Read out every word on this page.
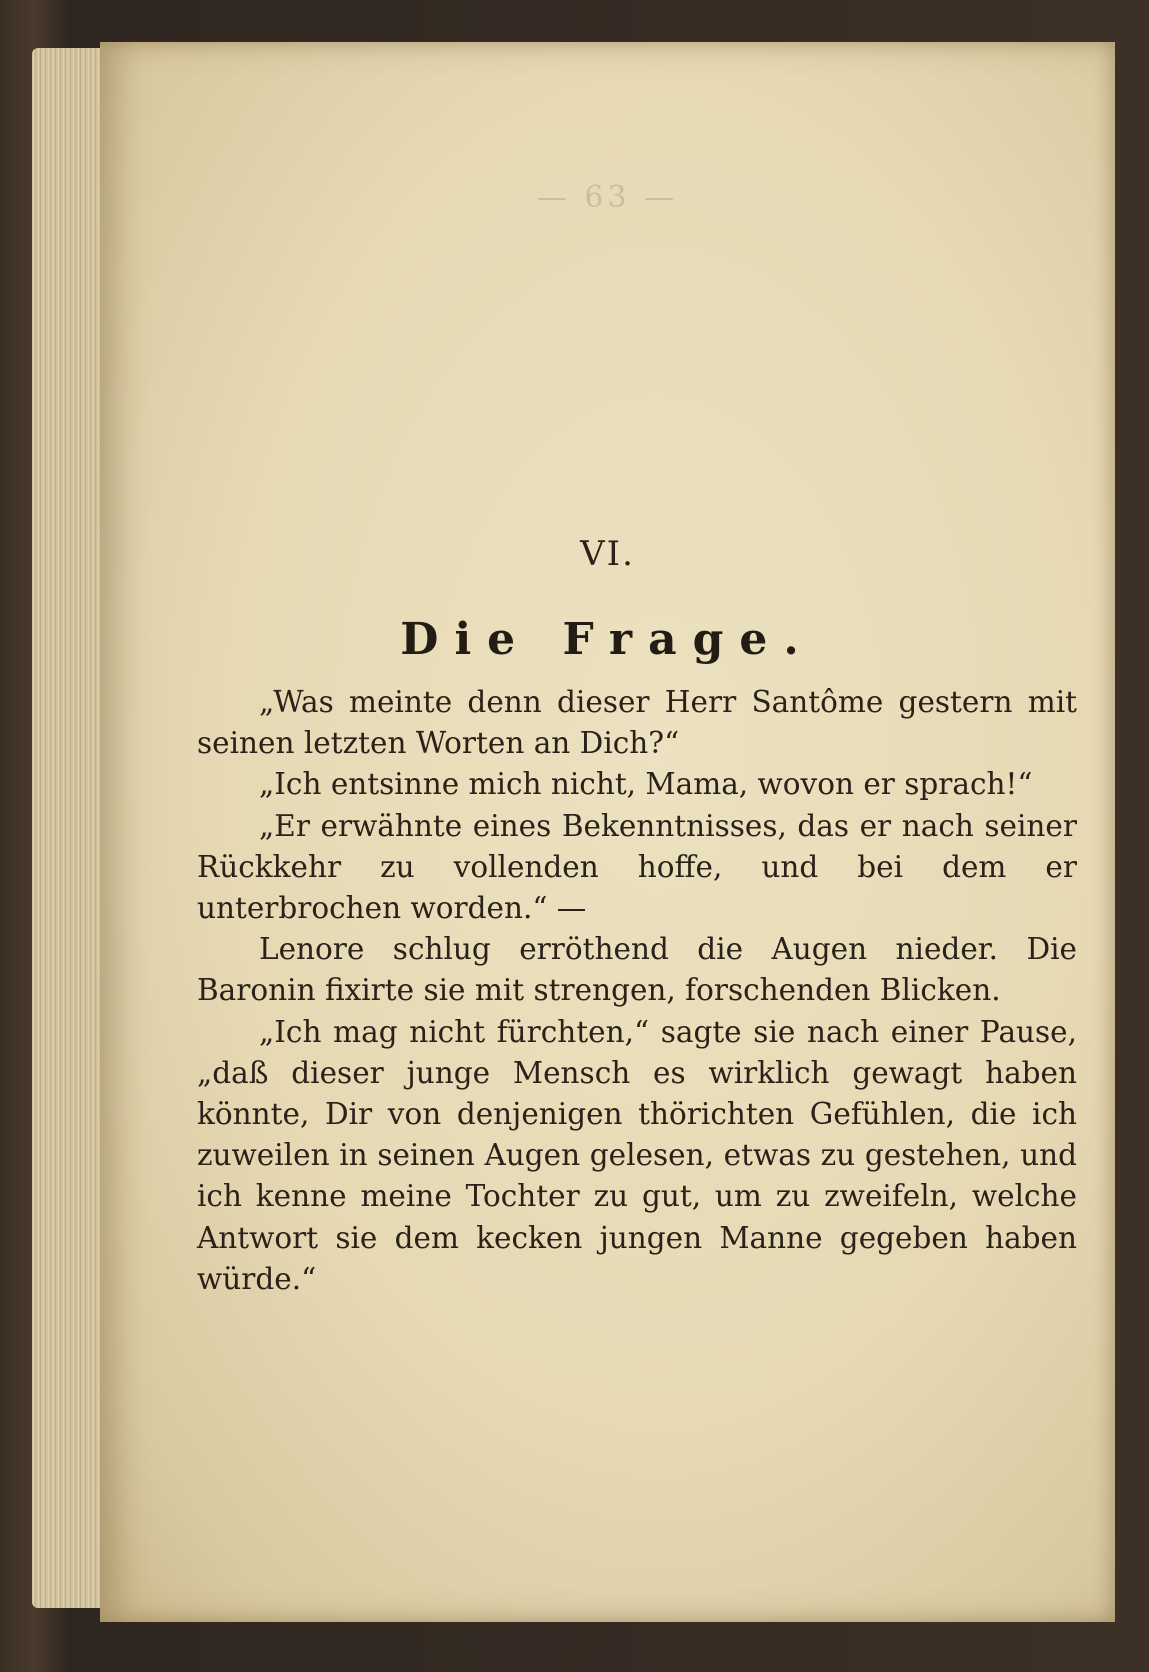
— 63 —
VI.
Die Frage.

„Was meinte denn dieser Herr Santôme gestern mit seinen letzten Worten an Dich?“

„Ich entsinne mich nicht, Mama, wovon er sprach!“

„Er erwähnte eines Bekenntnisses, das er nach seiner Rückkehr zu vollenden hoffe, und bei dem er unterbrochen worden.“ —

Lenore schlug erröthend die Augen nieder. Die Baronin fixirte sie mit strengen, forschenden Blicken.

„Ich mag nicht fürchten,“ sagte sie nach einer Pause, „daß dieser junge Mensch es wirklich gewagt haben könnte, Dir von denjenigen thörichten Gefühlen, die ich zuweilen in seinen Augen gelesen, etwas zu gestehen, und ich kenne meine Tochter zu gut, um zu zweifeln, welche Antwort sie dem kecken jungen Manne gegeben haben würde.“
